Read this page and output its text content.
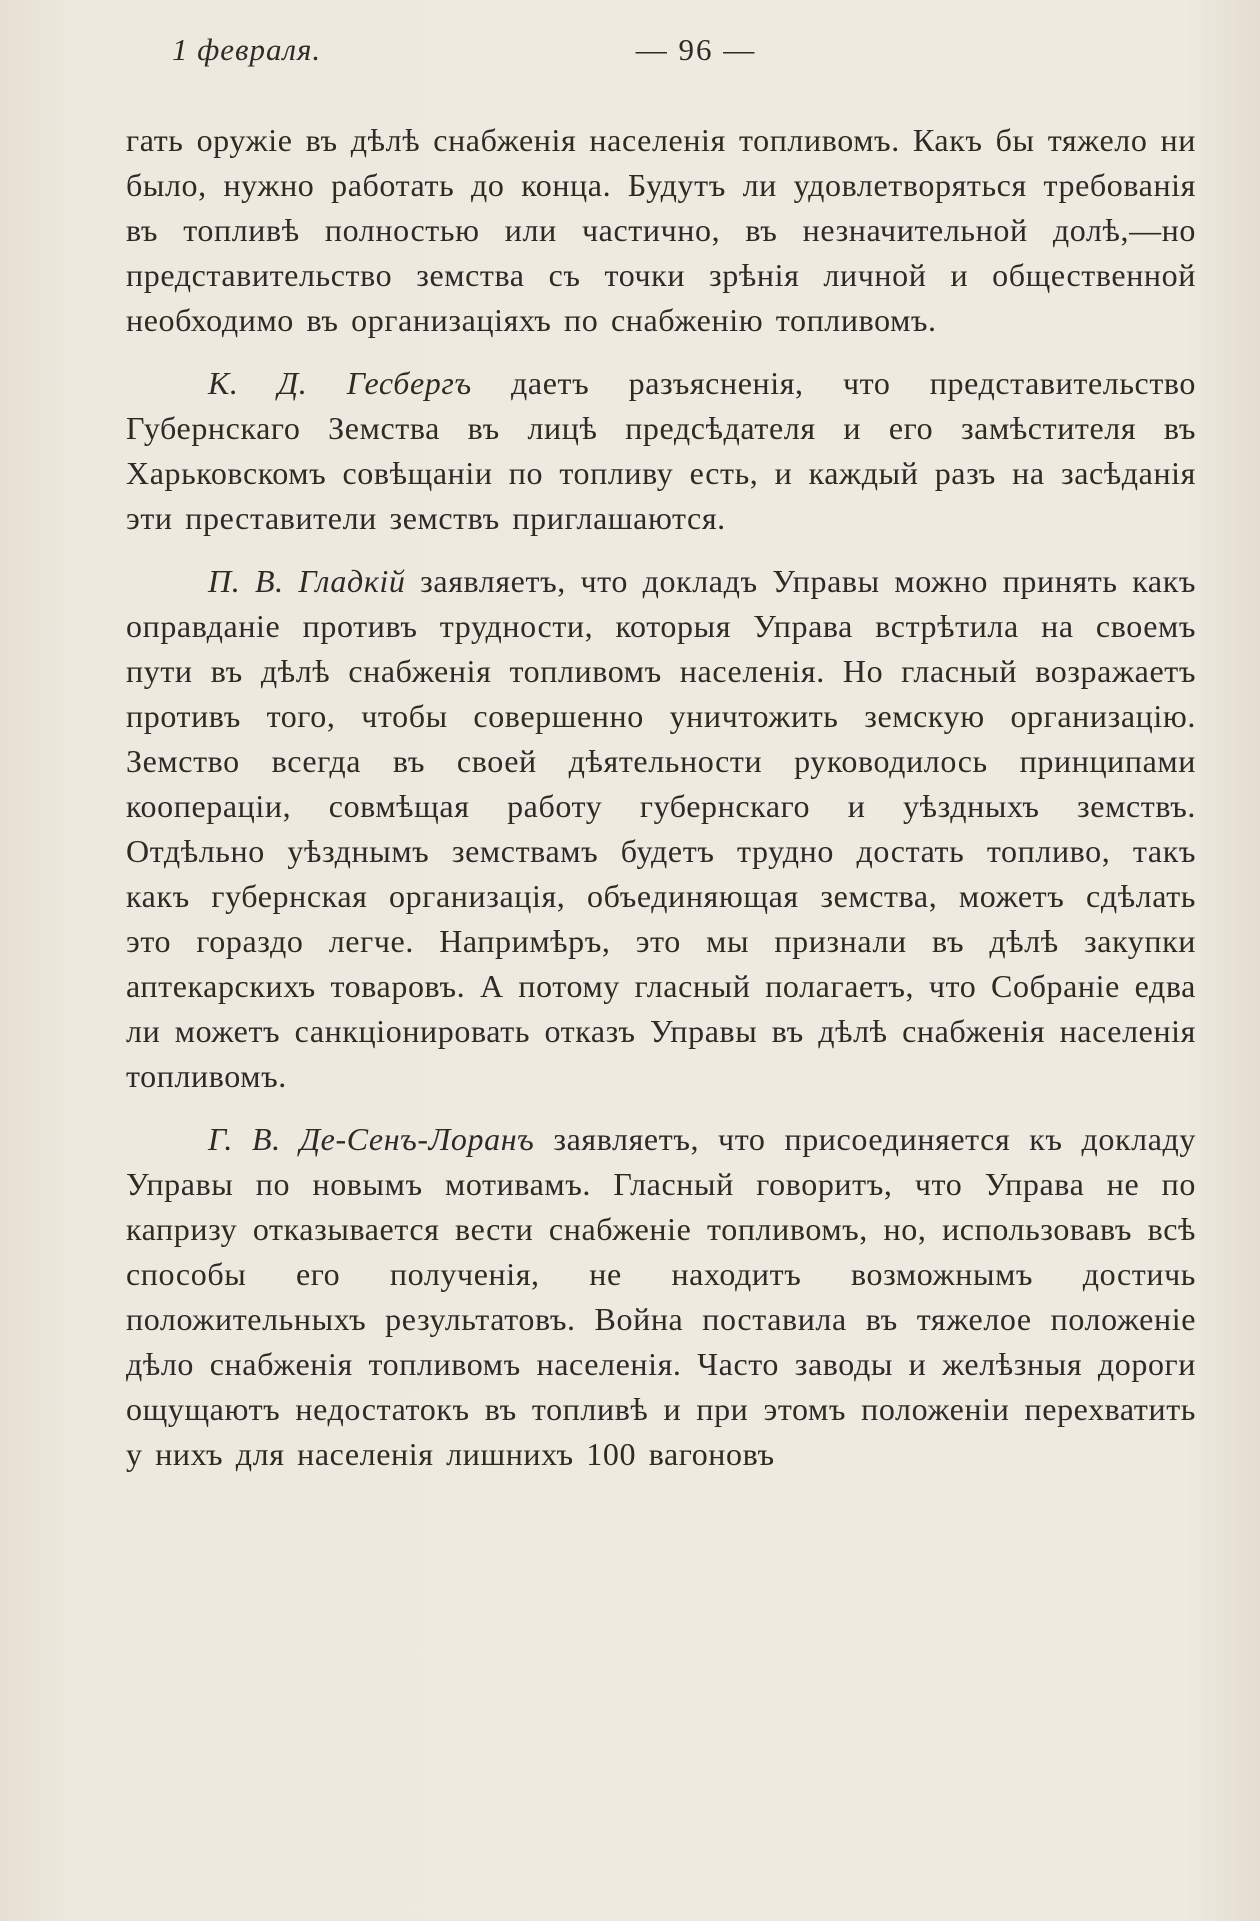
1 февраля.	— 96 —

гать оружіе въ дѣлѣ снабженія населенія топливомъ. Какъ бы тяжело ни было, нужно работать до конца. Будутъ ли удовлетворяться требованія въ топливѣ полностью или частично, въ незначительной долѣ,—но представительство земства съ точки зрѣнія личной и общественной необходимо въ организаціяхъ по снабженію топливомъ.

К. Д. Гесбергъ даетъ разъясненія, что представительство Губернскаго Земства въ лицѣ предсѣдателя и его замѣстителя въ Харьковскомъ совѣщаніи по топливу есть, и каждый разъ на засѣданія эти преставители земствъ приглашаются.

П. В. Гладкій заявляетъ, что докладъ Управы можно принять какъ оправданіе противъ трудности, которыя Управа встрѣтила на своемъ пути въ дѣлѣ снабженія топливомъ населенія. Но гласный возражаетъ противъ того, чтобы совершенно уничтожить земскую организацію. Земство всегда въ своей дѣятельности руководилось принципами кооперацiи, совмѣщая работу губернскаго и уѣздныхъ земствъ. Отдѣльно уѣзднымъ земствамъ будетъ трудно достать топливо, такъ какъ губернская организація, объединяющая земства, можетъ сдѣлать это гораздо легче. Напримѣръ, это мы признали въ дѣлѣ закупки аптекарскихъ товаровъ. А потому гласный полагаетъ, что Собраніе едва ли можетъ санкціонировать отказъ Управы въ дѣлѣ снабженія населенія топливомъ.

Г. В. Де-Сенъ-Лоранъ заявляетъ, что присоединяется къ докладу Управы по новымъ мотивамъ. Гласный говоритъ, что Управа не по капризу отказывается вести снабженіе топливомъ, но, использовавъ всѣ способы его полученія, не находитъ возможнымъ достичь положительныхъ результатовъ. Война поставила въ тяжелое положеніе дѣло снабженія топливомъ населенія. Часто заводы и желѣзныя дороги ощущаютъ недостатокъ въ топливѣ и при этомъ положеніи перехватить у нихъ для населенія лишнихъ 100 вагоновъ
